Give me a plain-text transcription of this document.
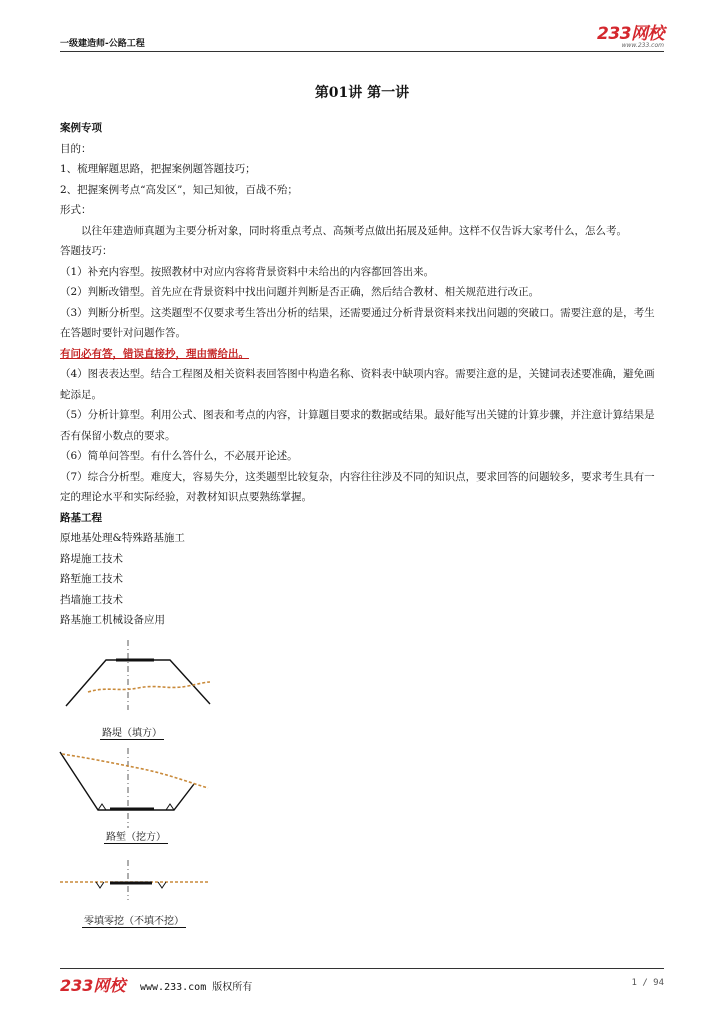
一级建造师-公路工程	233网校
www.233.com
第01讲 第一讲

案例专项

目的：

1、梳理解题思路，把握案例题答题技巧；

2、把握案例考点“高发区”，知己知彼，百战不殆；

形式：

以往年建造师真题为主要分析对象，同时将重点考点、高频考点做出拓展及延伸。这样不仅告诉大家考什么，怎么考。

答题技巧：

（1）补充内容型。按照教材中对应内容将背景资料中未给出的内容都回答出来。

（2）判断改错型。首先应在背景资料中找出问题并判断是否正确，然后结合教材、相关规范进行改正。

（3）判断分析型。这类题型不仅要求考生答出分析的结果，还需要通过分析背景资料来找出问题的突破口。需要注意的是，考生在答题时要针对问题作答。

有问必有答，错误直接抄，理由需给出。

（4）图表表达型。结合工程图及相关资料表回答图中构造名称、资料表中缺项内容。需要注意的是，关键词表述要准确，避免画蛇添足。

（5）分析计算型。利用公式、图表和考点的内容，计算题目要求的数据或结果。最好能写出关键的计算步骤，并注意计算结果是否有保留小数点的要求。

（6）简单问答型。有什么答什么，不必展开论述。

（7）综合分析型。难度大，容易失分，这类题型比较复杂，内容往往涉及不同的知识点，要求回答的问题较多，要求考生具有一定的理论水平和实际经验，对教材知识点要熟练掌握。

路基工程

原地基处理&特殊路基施工

路堤施工技术

路堑施工技术

挡墙施工技术

路基施工机械设备应用

路堤（填方）
路堑（挖方）
零填零挖（不填不挖）
233网校 www.233.com 版权所有	1 / 94
